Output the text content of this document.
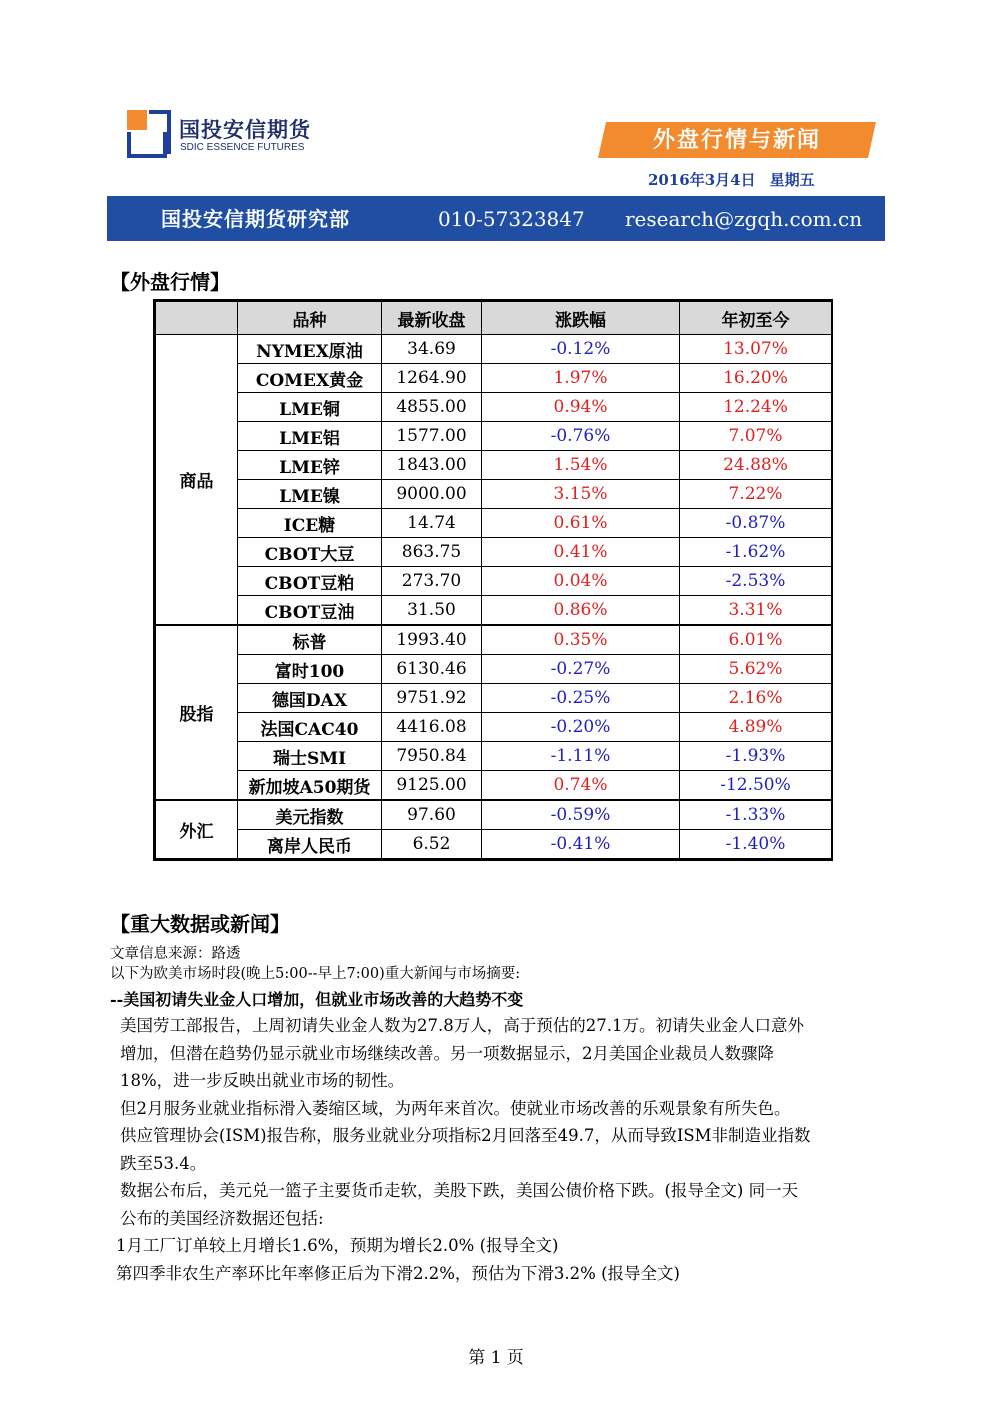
国投安信期货
SDIC ESSENCE FUTURES	外盘行情与新闻
2016年3月4日 星期五
国投安信期货研究部	010-57323847 research@zgqh.com.cn
【外盘行情】
	品种	最新收盘	涨跌幅	年初至今
商品	NYMEX原油	34.69	-0.12%	13.07%
	COMEX黄金	1264.90	1.97%	16.20%
	LME铜	4855.00	0.94%	12.24%
	LME铝	1577.00	-0.76%	7.07%
	LME锌	1843.00	1.54%	24.88%
	LME镍	9000.00	3.15%	7.22%
	ICE糖	14.74	0.61%	-0.87%
	CBOT大豆	863.75	0.41%	-1.62%
	CBOT豆粕	273.70	0.04%	-2.53%
	CBOT豆油	31.50	0.86%	3.31%
股指	标普	1993.40	0.35%	6.01%
	富时100	6130.46	-0.27%	5.62%
	德国DAX	9751.92	-0.25%	2.16%
	法国CAC40	4416.08	-0.20%	4.89%
	瑞士SMI	7950.84	-1.11%	-1.93%
	新加坡A50期货	9125.00	0.74%	-12.50%
外汇	美元指数	97.60	-0.59%	-1.33%
	离岸人民币	6.52	-0.41%	-1.40%
【重大数据或新闻】

文章信息来源：路透

以下为欧美市场时段(晚上5:00--早上7:00)重大新闻与市场摘要:

--美国初请失业金人口增加，但就业市场改善的大趋势不变

美国劳工部报告，上周初请失业金人数为27.8万人，高于预估的27.1万。初请失业金人口意外

增加，但潜在趋势仍显示就业市场继续改善。另一项数据显示，2月美国企业裁员人数骤降

18%，进一步反映出就业市场的韧性。

但2月服务业就业指标滑入萎缩区域，为两年来首次。使就业市场改善的乐观景象有所失色。

供应管理协会(ISM)报告称，服务业就业分项指标2月回落至49.7，从而导致ISM非制造业指数

跌至53.4。

数据公布后，美元兑一篮子主要货币走软，美股下跌，美国公债价格下跌。(报导全文) 同一天

公布的美国经济数据还包括:

1月工厂订单较上月增长1.6%，预期为增长2.0% (报导全文)

第四季非农生产率环比年率修正后为下滑2.2%，预估为下滑3.2% (报导全文)

第 1 页
